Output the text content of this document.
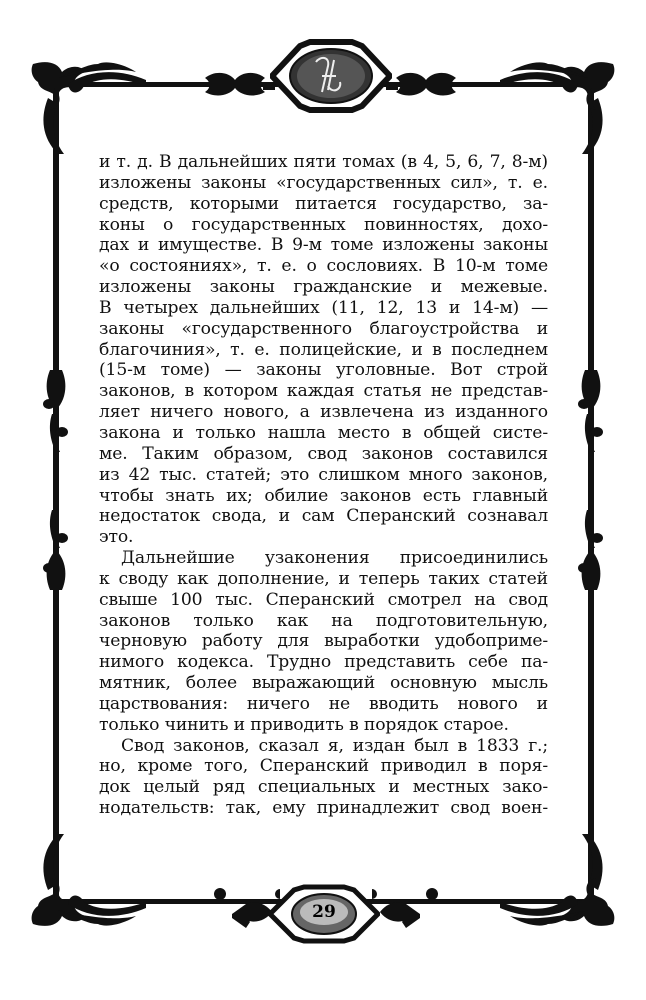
29
и т. д. В дальнейших пяти томах (в 4, 5, 6, 7, 8-м)
изложены законы «государственных сил», т. е.
средств, которыми питается государство, за-
коны о государственных повинностях, дохо-
дах и имуществе. В 9-м томе изложены законы
«о состояниях», т. е. о сословиях. В 10-м томе
изложены законы гражданские и межевые.
В четырех дальнейших (11, 12, 13 и 14-м) —
законы «государственного благоустройства и
благочиния», т. е. полицейские, и в последнем
(15-м томе) — законы уголовные. Вот строй
законов, в котором каждая статья не представ-
ляет ничего нового, а извлечена из изданного
закона и только нашла место в общей систе-
ме. Таким образом, свод законов составился
из 42 тыс. статей; это слишком много законов,
чтобы знать их; обилие законов есть главный
недостаток свода, и сам Сперанский сознавал
это.
Дальнейшие узаконения присоединились
к своду как дополнение, и теперь таких статей
свыше 100 тыс. Сперанский смотрел на свод
законов только как на подготовительную,
черновую работу для выработки удобоприме-
нимого кодекса. Трудно представить себе па-
мятник, более выражающий основную мысль
царствования: ничего не вводить нового и
только чинить и приводить в порядок старое.
Свод законов, сказал я, издан был в 1833 г.;
но, кроме того, Сперанский приводил в поря-
док целый ряд специальных и местных зако-
нодательств: так, ему принадлежит свод воен-
